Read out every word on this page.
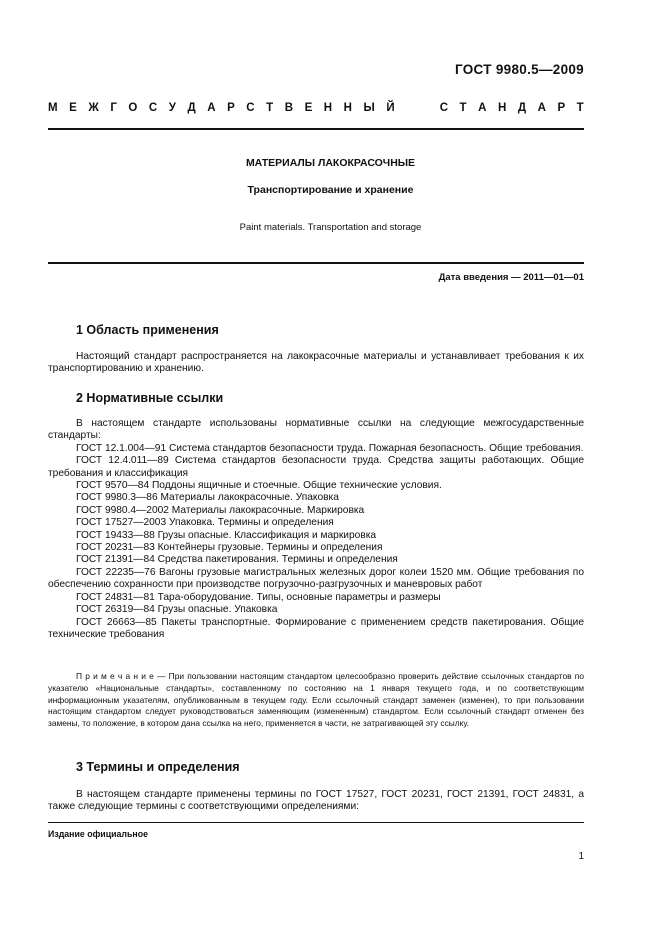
ГОСТ 9980.5—2009
М Е Ж Г О С У Д А Р С Т В Е Н Н Ы Й	С Т А Н Д А Р Т
МАТЕРИАЛЫ ЛАКОКРАСОЧНЫЕ
Транспортирование и хранение
Paint materials. Transportation and storage
Дата введения — 2011—01—01
1 Область применения
Настоящий стандарт распространяется на лакокрасочные материалы и устанавливает требования к их транспортированию и хранению.
2 Нормативные ссылки
В настоящем стандарте использованы нормативные ссылки на следующие межгосударственные стандарты:
ГОСТ 12.1.004—91 Система стандартов безопасности труда. Пожарная безопасность. Общие требования.
ГОСТ 12.4.011—89 Система стандартов безопасности труда. Средства защиты работающих. Общие требования и классификация
ГОСТ 9570—84 Поддоны ящичные и стоечные. Общие технические условия.
ГОСТ 9980.3—86 Материалы лакокрасочные. Упаковка
ГОСТ 9980.4—2002 Материалы лакокрасочные. Маркировка
ГОСТ 17527—2003 Упаковка. Термины и определения
ГОСТ 19433—88 Грузы опасные. Классификация и маркировка
ГОСТ 20231—83 Контейнеры грузовые. Термины и определения
ГОСТ 21391—84 Средства пакетирования. Термины и определения
ГОСТ 22235—76 Вагоны грузовые магистральных железных дорог колеи 1520 мм. Общие требования по обеспечению сохранности при производстве погрузочно-разгрузочных и маневровых работ
ГОСТ 24831—81 Тара-оборудование. Типы, основные параметры и размеры
ГОСТ 26319—84 Грузы опасные. Упаковка
ГОСТ 26663—85 Пакеты транспортные. Формирование с применением средств пакетирования. Общие технические требования
П р и м е ч а н и е — При пользовании настоящим стандартом целесообразно проверить действие ссылочных стандартов по указателю «Национальные стандарты», составленному по состоянию на 1 января текущего года, и по соответствующим информационным указателям, опубликованным в текущем году. Если ссылочный стандарт заменен (изменен), то при пользовании настоящим стандартом следует руководствоваться заменяющим (измененным) стандартом. Если ссылочный стандарт отменен без замены, то положение, в котором дана ссылка на него, применяется в части, не затрагивающей эту ссылку.
3 Термины и определения
В настоящем стандарте применены термины по ГОСТ 17527, ГОСТ 20231, ГОСТ 21391, ГОСТ 24831, а также следующие термины с соответствующими определениями:
Издание официальное
1
